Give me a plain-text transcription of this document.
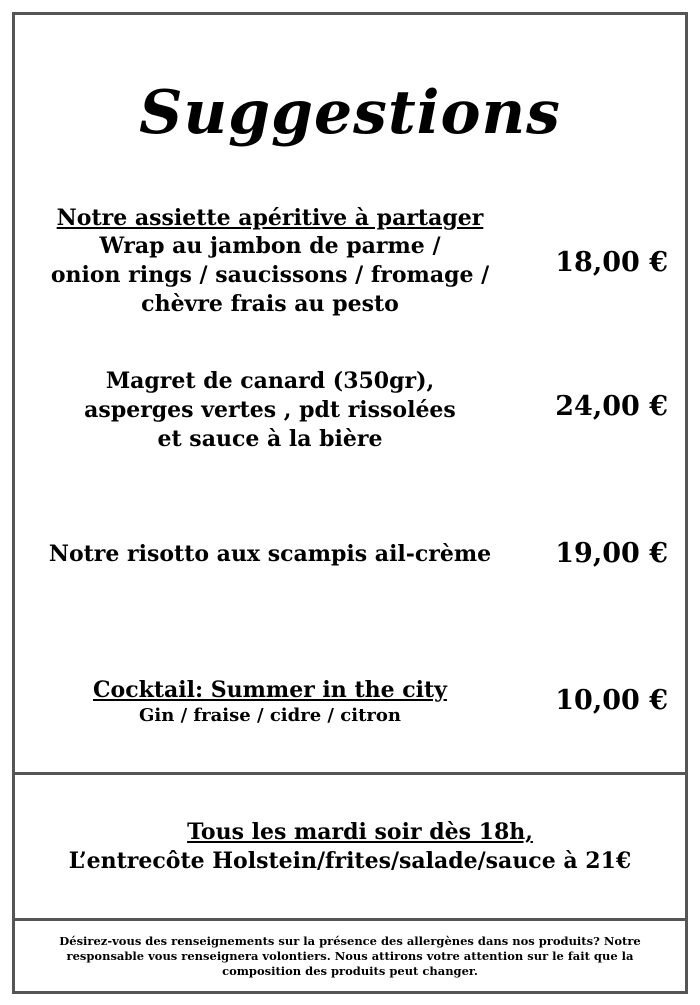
Suggestions
Notre assiette apéritive à partager
Wrap au jambon de parme /
onion rings / saucissons / fromage /
chèvre frais au pesto
18,00 €
Magret de canard (350gr),
asperges vertes , pdt rissolées
et sauce à la bière
24,00 €
Notre risotto aux scampis ail-crème	19,00 €
Cocktail: Summer in the city
Gin / fraise / cidre / citron	10,00 €
Tous les mardi soir dès 18h,
L’entrecôte Holstein/frites/salade/sauce à 21€
Désirez-vous des renseignements sur la présence des allergènes dans nos produits? Notre responsable vous renseignera volontiers. Nous attirons votre attention sur le fait que la composition des produits peut changer.
